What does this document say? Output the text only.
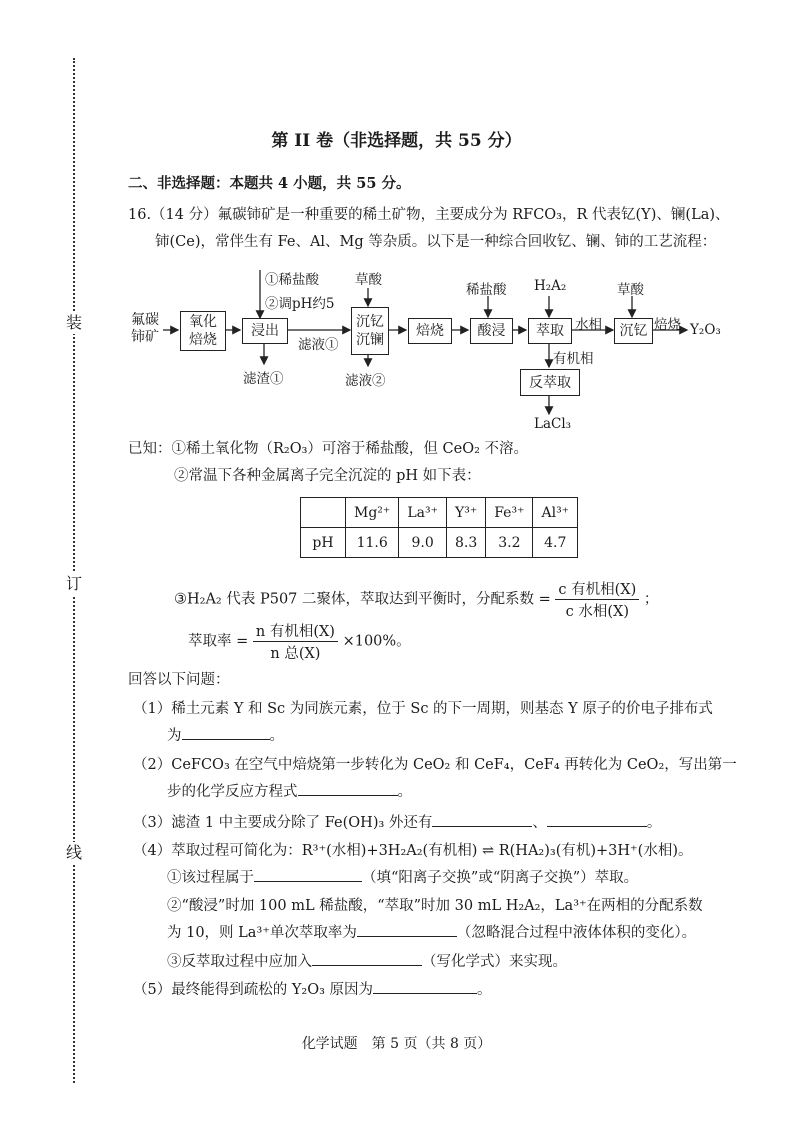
装
订
线
第 II 卷（非选择题，共 55 分）
二、非选择题：本题共 4 小题，共 55 分。
16.（14 分）氟碳铈矿是一种重要的稀土矿物，主要成分为 RFCO₃，R 代表钇(Y)、镧(La)、
铈(Ce)，常伴生有 Fe、Al、Mg 等杂质。以下是一种综合回收钇、镧、铈的工艺流程：
氟碳
铈矿
氧化
焙烧
浸出
沉钇
沉镧
焙烧	酸浸	萃取	沉钇
反萃取
①稀盐酸
②调pH约5
草酸
稀盐酸 H₂A₂	草酸
滤液①
滤渣①	滤液②
水相
有机相
焙烧 Y₂O₃
LaCl₃
已知：①稀土氧化物（R₂O₃）可溶于稀盐酸，但 CeO₂ 不溶。
②常温下各种金属离子完全沉淀的 pH 如下表：
	Mg²⁺	La³⁺	Y³⁺	Fe³⁺	Al³⁺
pH	11.6	9.0	8.3	3.2	4.7
③H₂A₂ 代表 P507 二聚体，萃取达到平衡时，分配系数 = $\frac{\text{c 有机相(X)}}{\text{c 水相(X)}}$ ；
萃取率 = $\frac{\text{n 有机相(X)}}{\text{n 总(X)}} \times 100\%$。
回答以下问题：
（1）稀土元素 Y 和 Sc 为同族元素，位于 Sc 的下一周期，则基态 Y 原子的价电子排布式
为	。
（2）CeFCO₃ 在空气中焙烧第一步转化为 CeO₂ 和 CeF₄，CeF₄ 再转化为 CeO₂，写出第一
步的化学反应方程式	。
（3）滤渣 1 中主要成分除了 Fe(OH)₃ 外还有	、	。
（4）萃取过程可简化为：R³⁺(水相)+3H₂A₂(有机相) ⇌ R(HA₂)₃(有机)+3H⁺(水相)。
①该过程属于	（填“阳离子交换”或“阴离子交换”）萃取。
②“酸浸”时加 100 mL 稀盐酸，“萃取”时加 30 mL H₂A₂，La³⁺在两相的分配系数
为 10，则 La³⁺单次萃取率为	（忽略混合过程中液体体积的变化）。
③反萃取过程中应加入	（写化学式）来实现。
（5）最终能得到疏松的 Y₂O₃ 原因为	。
化学试题　第 5 页（共 8 页）
